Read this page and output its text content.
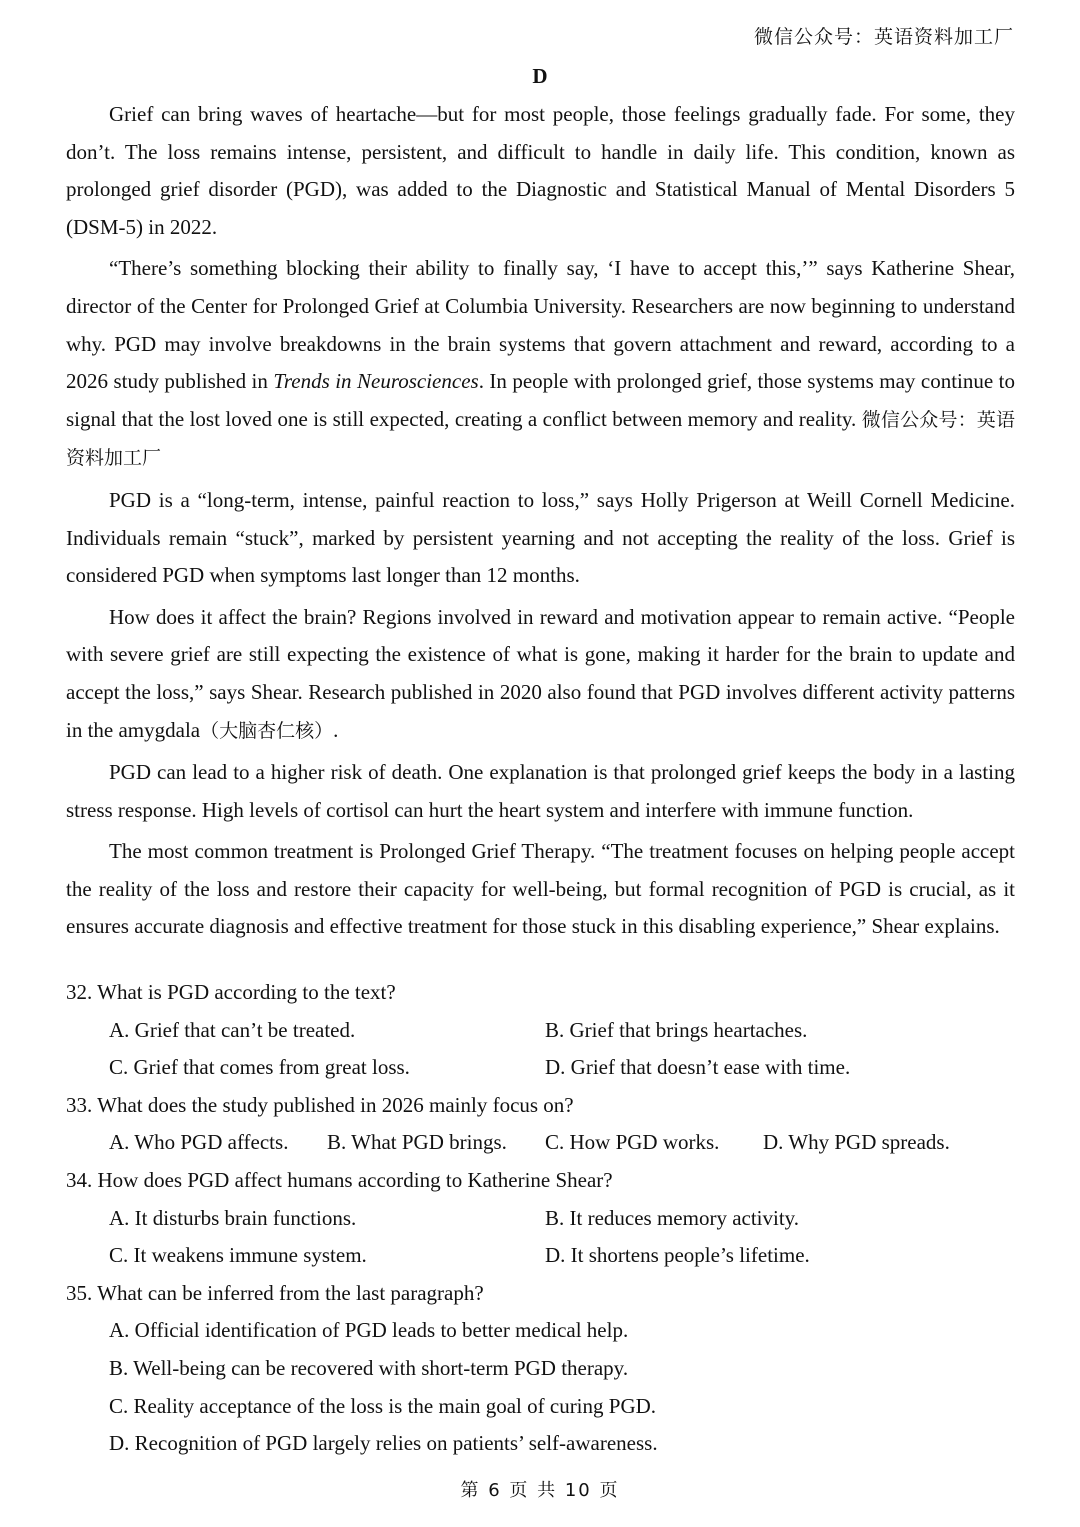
微信公众号：英语资料加工厂
D

Grief can bring waves of heartache—but for most people, those feelings gradually fade. For some, they don’t. The loss remains intense, persistent, and difficult to handle in daily life. This condition, known as prolonged grief disorder (PGD), was added to the Diagnostic and Statistical Manual of Mental Disorders 5 (DSM-5) in 2022.

“There’s something blocking their ability to finally say, ‘I have to accept this,’” says Katherine Shear, director of the Center for Prolonged Grief at Columbia University. Researchers are now beginning to understand why. PGD may involve breakdowns in the brain systems that govern attachment and reward, according to a 2026 study published in Trends in Neurosciences. In people with prolonged grief, those systems may continue to signal that the lost loved one is still expected, creating a conflict between memory and reality. 微信公众号：英语资料加工厂

PGD is a “long-term, intense, painful reaction to loss,” says Holly Prigerson at Weill Cornell Medicine. Individuals remain “stuck”, marked by persistent yearning and not accepting the reality of the loss. Grief is considered PGD when symptoms last longer than 12 months.

How does it affect the brain? Regions involved in reward and motivation appear to remain active. “People with severe grief are still expecting the existence of what is gone, making it harder for the brain to update and accept the loss,” says Shear. Research published in 2020 also found that PGD involves different activity patterns in the amygdala（大脑杏仁核）.

PGD can lead to a higher risk of death. One explanation is that prolonged grief keeps the body in a lasting stress response. High levels of cortisol can hurt the heart system and interfere with immune function.

The most common treatment is Prolonged Grief Therapy. “The treatment focuses on helping people accept the reality of the loss and restore their capacity for well-being, but formal recognition of PGD is crucial, as it ensures accurate diagnosis and effective treatment for those stuck in this disabling experience,” Shear explains.

32. What is PGD according to the text?

A. Grief that can’t be treated.	B. Grief that brings heartaches.
C. Grief that comes from great loss.	D. Grief that doesn’t ease with time.

33. What does the study published in 2026 mainly focus on?

A. Who PGD affects.	B. What PGD brings.	C. How PGD works.	D. Why PGD spreads.

34. How does PGD affect humans according to Katherine Shear?

A. It disturbs brain functions.	B. It reduces memory activity.
C. It weakens immune system.	D. It shortens people’s lifetime.

35. What can be inferred from the last paragraph?

A. Official identification of PGD leads to better medical help.
B. Well-being can be recovered with short-term PGD therapy.
C. Reality acceptance of the loss is the main goal of curing PGD.
D. Recognition of PGD largely relies on patients’ self-awareness.
第 6 页 共 10 页
